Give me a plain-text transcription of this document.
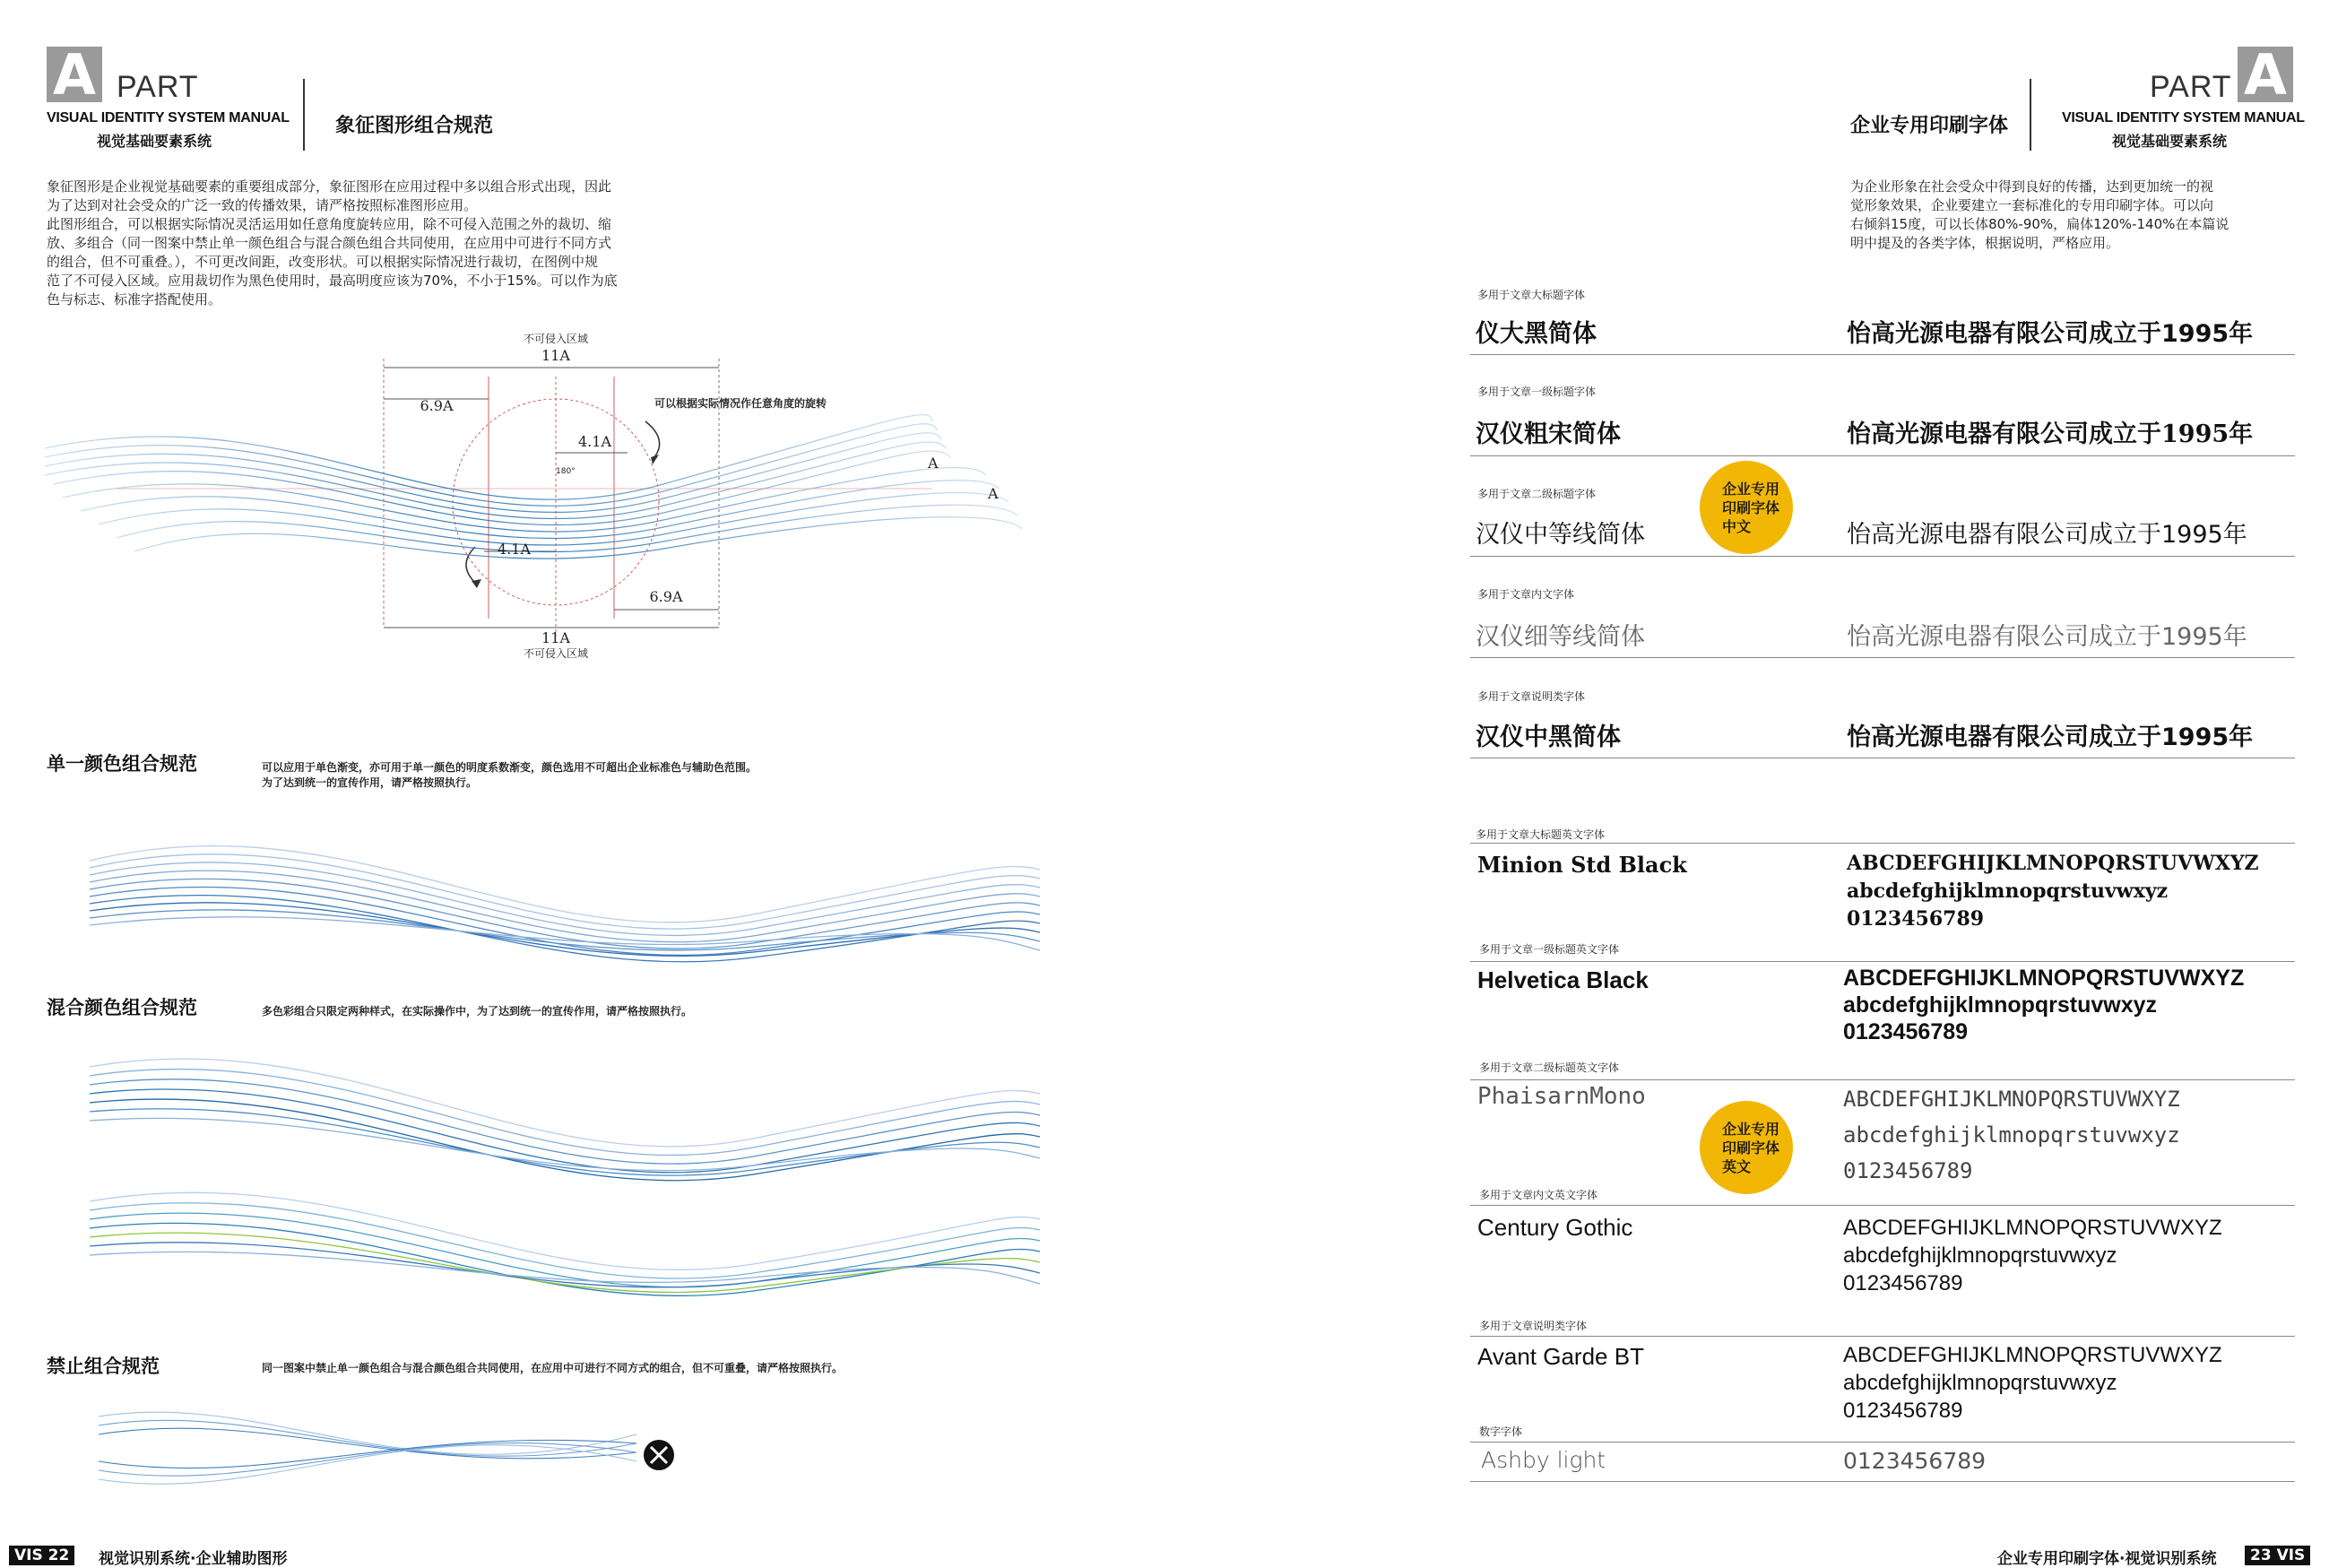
A PART
VISUAL IDENTITY SYSTEM MANUAL
视觉基础要素系统
象征图形组合规范
象征图形是企业视觉基础要素的重要组成部分，象征图形在应用过程中多以组合形式出现，因此
为了达到对社会受众的广泛一致的传播效果，请严格按照标准图形应用。
此图形组合，可以根据实际情况灵活运用如任意角度旋转应用，除不可侵入范围之外的裁切、缩
放、多组合（同一图案中禁止单一颜色组合与混合颜色组合共同使用，在应用中可进行不同方式
的组合，但不可重叠。），不可更改间距，改变形状。可以根据实际情况进行裁切，在图例中规
范了不可侵入区域。应用裁切作为黑色使用时，最高明度应该为70%，不小于15%。可以作为底
色与标志、标准字搭配使用。
不可侵入区域
11A
6.9A	可以根据实际情况作任意角度的旋转
4.1A
180°
4.1A
6.9A
A
A
11A
不可侵入区域
单一颜色组合规范	可以应用于单色渐变，亦可用于单一颜色的明度系数渐变，颜色选用不可超出企业标准色与辅助色范围。
为了达到统一的宣传作用，请严格按照执行。
混合颜色组合规范	多色彩组合只限定两种样式，在实际操作中，为了达到统一的宣传作用，请严格按照执行。
禁止组合规范	同一图案中禁止单一颜色组合与混合颜色组合共同使用，在应用中可进行不同方式的组合，但不可重叠，请严格按照执行。
VIS 22	视觉识别系统·企业辅助图形
A
PART
VISUAL IDENTITY SYSTEM MANUAL
视觉基础要素系统
企业专用印刷字体
为企业形象在社会受众中得到良好的传播，达到更加统一的视
觉形象效果，企业要建立一套标准化的专用印刷字体。可以向
右倾斜15度，可以长体80%-90%，扁体120%-140%在本篇说
明中提及的各类字体，根据说明，严格应用。
多用于文章大标题字体
仪大黑简体	怡高光源电器有限公司成立于1995年
多用于文章一级标题字体
汉仪粗宋简体	怡高光源电器有限公司成立于1995年
多用于文章二级标题字体
汉仪中等线简体	怡高光源电器有限公司成立于1995年
企业专用
印刷字体
中文
多用于文章内文字体
汉仪细等线简体	怡高光源电器有限公司成立于1995年
多用于文章说明类字体
汉仪中黑简体	怡高光源电器有限公司成立于1995年
多用于文章大标题英文字体
Minion Std Black	ABCDEFGHIJKLMNOPQRSTUVWXYZ
abcdefghijklmnopqrstuvwxyz
0123456789
多用于文章一级标题英文字体
Helvetica Black	ABCDEFGHIJKLMNOPQRSTUVWXYZ
abcdefghijklmnopqrstuvwxyz
0123456789
多用于文章二级标题英文字体
PhaisarnMono	ABCDEFGHIJKLMNOPQRSTUVWXYZ
abcdefghijklmnopqrstuvwxyz
0123456789
企业专用
印刷字体
英文
多用于文章内文英文字体
Century Gothic	ABCDEFGHIJKLMNOPQRSTUVWXYZ
abcdefghijklmnopqrstuvwxyz
0123456789
多用于文章说明类字体
Avant Garde BT	ABCDEFGHIJKLMNOPQRSTUVWXYZ
abcdefghijklmnopqrstuvwxyz
0123456789
数字字体
Ashby light	0123456789
企业专用印刷字体·视觉识别系统	23 VIS
